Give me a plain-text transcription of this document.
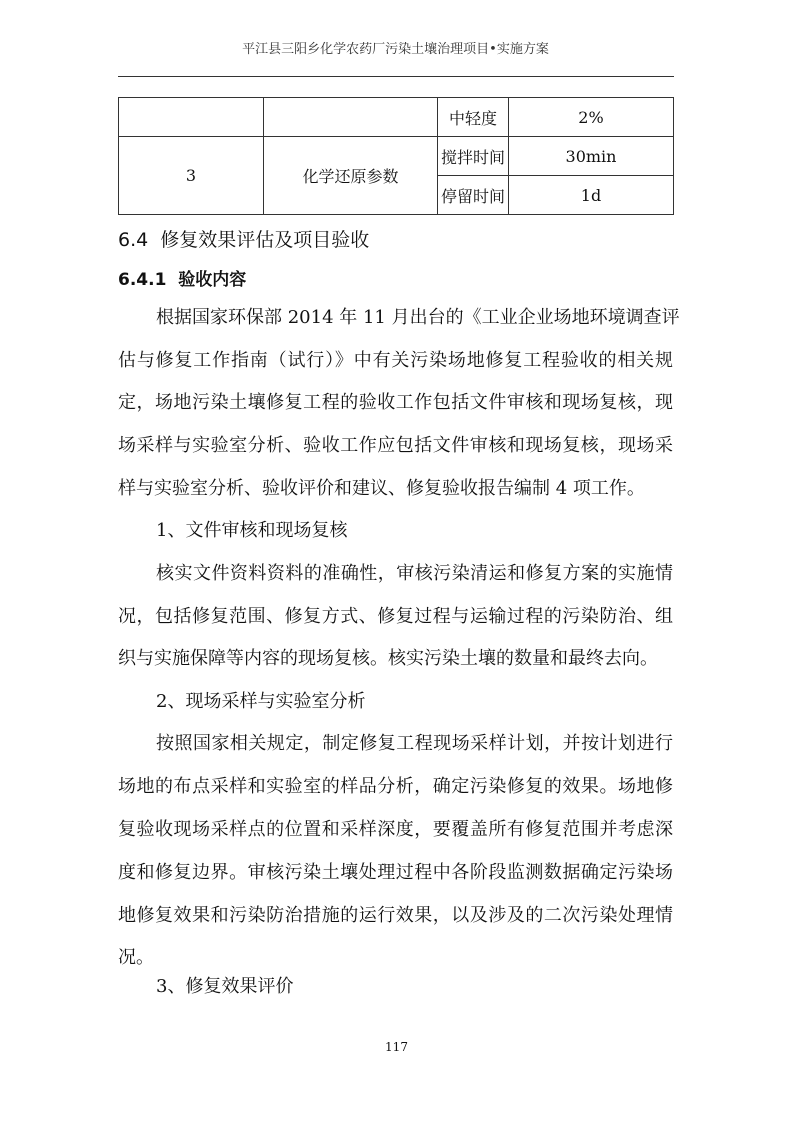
平江县三阳乡化学农药厂污染土壤治理项目•实施方案
		中轻度	2%
3	化学还原参数	搅拌时间	30min
		停留时间	1d
6.4  修复效果评估及项目验收
6.4.1  验收内容
根据国家环保部 2014 年 11 月出台的《工业企业场地环境调查评
估与修复工作指南（试行）》中有关污染场地修复工程验收的相关规
定，场地污染土壤修复工程的验收工作包括文件审核和现场复核，现
场采样与实验室分析、验收工作应包括文件审核和现场复核，现场采
样与实验室分析、验收评价和建议、修复验收报告编制 4 项工作。
1、文件审核和现场复核
核实文件资料资料的准确性，审核污染清运和修复方案的实施情
况，包括修复范围、修复方式、修复过程与运输过程的污染防治、组
织与实施保障等内容的现场复核。核实污染土壤的数量和最终去向。
2、现场采样与实验室分析
按照国家相关规定，制定修复工程现场采样计划，并按计划进行
场地的布点采样和实验室的样品分析，确定污染修复的效果。场地修
复验收现场采样点的位置和采样深度，要覆盖所有修复范围并考虑深
度和修复边界。审核污染土壤处理过程中各阶段监测数据确定污染场
地修复效果和污染防治措施的运行效果，以及涉及的二次污染处理情
况。
3、修复效果评价
117
